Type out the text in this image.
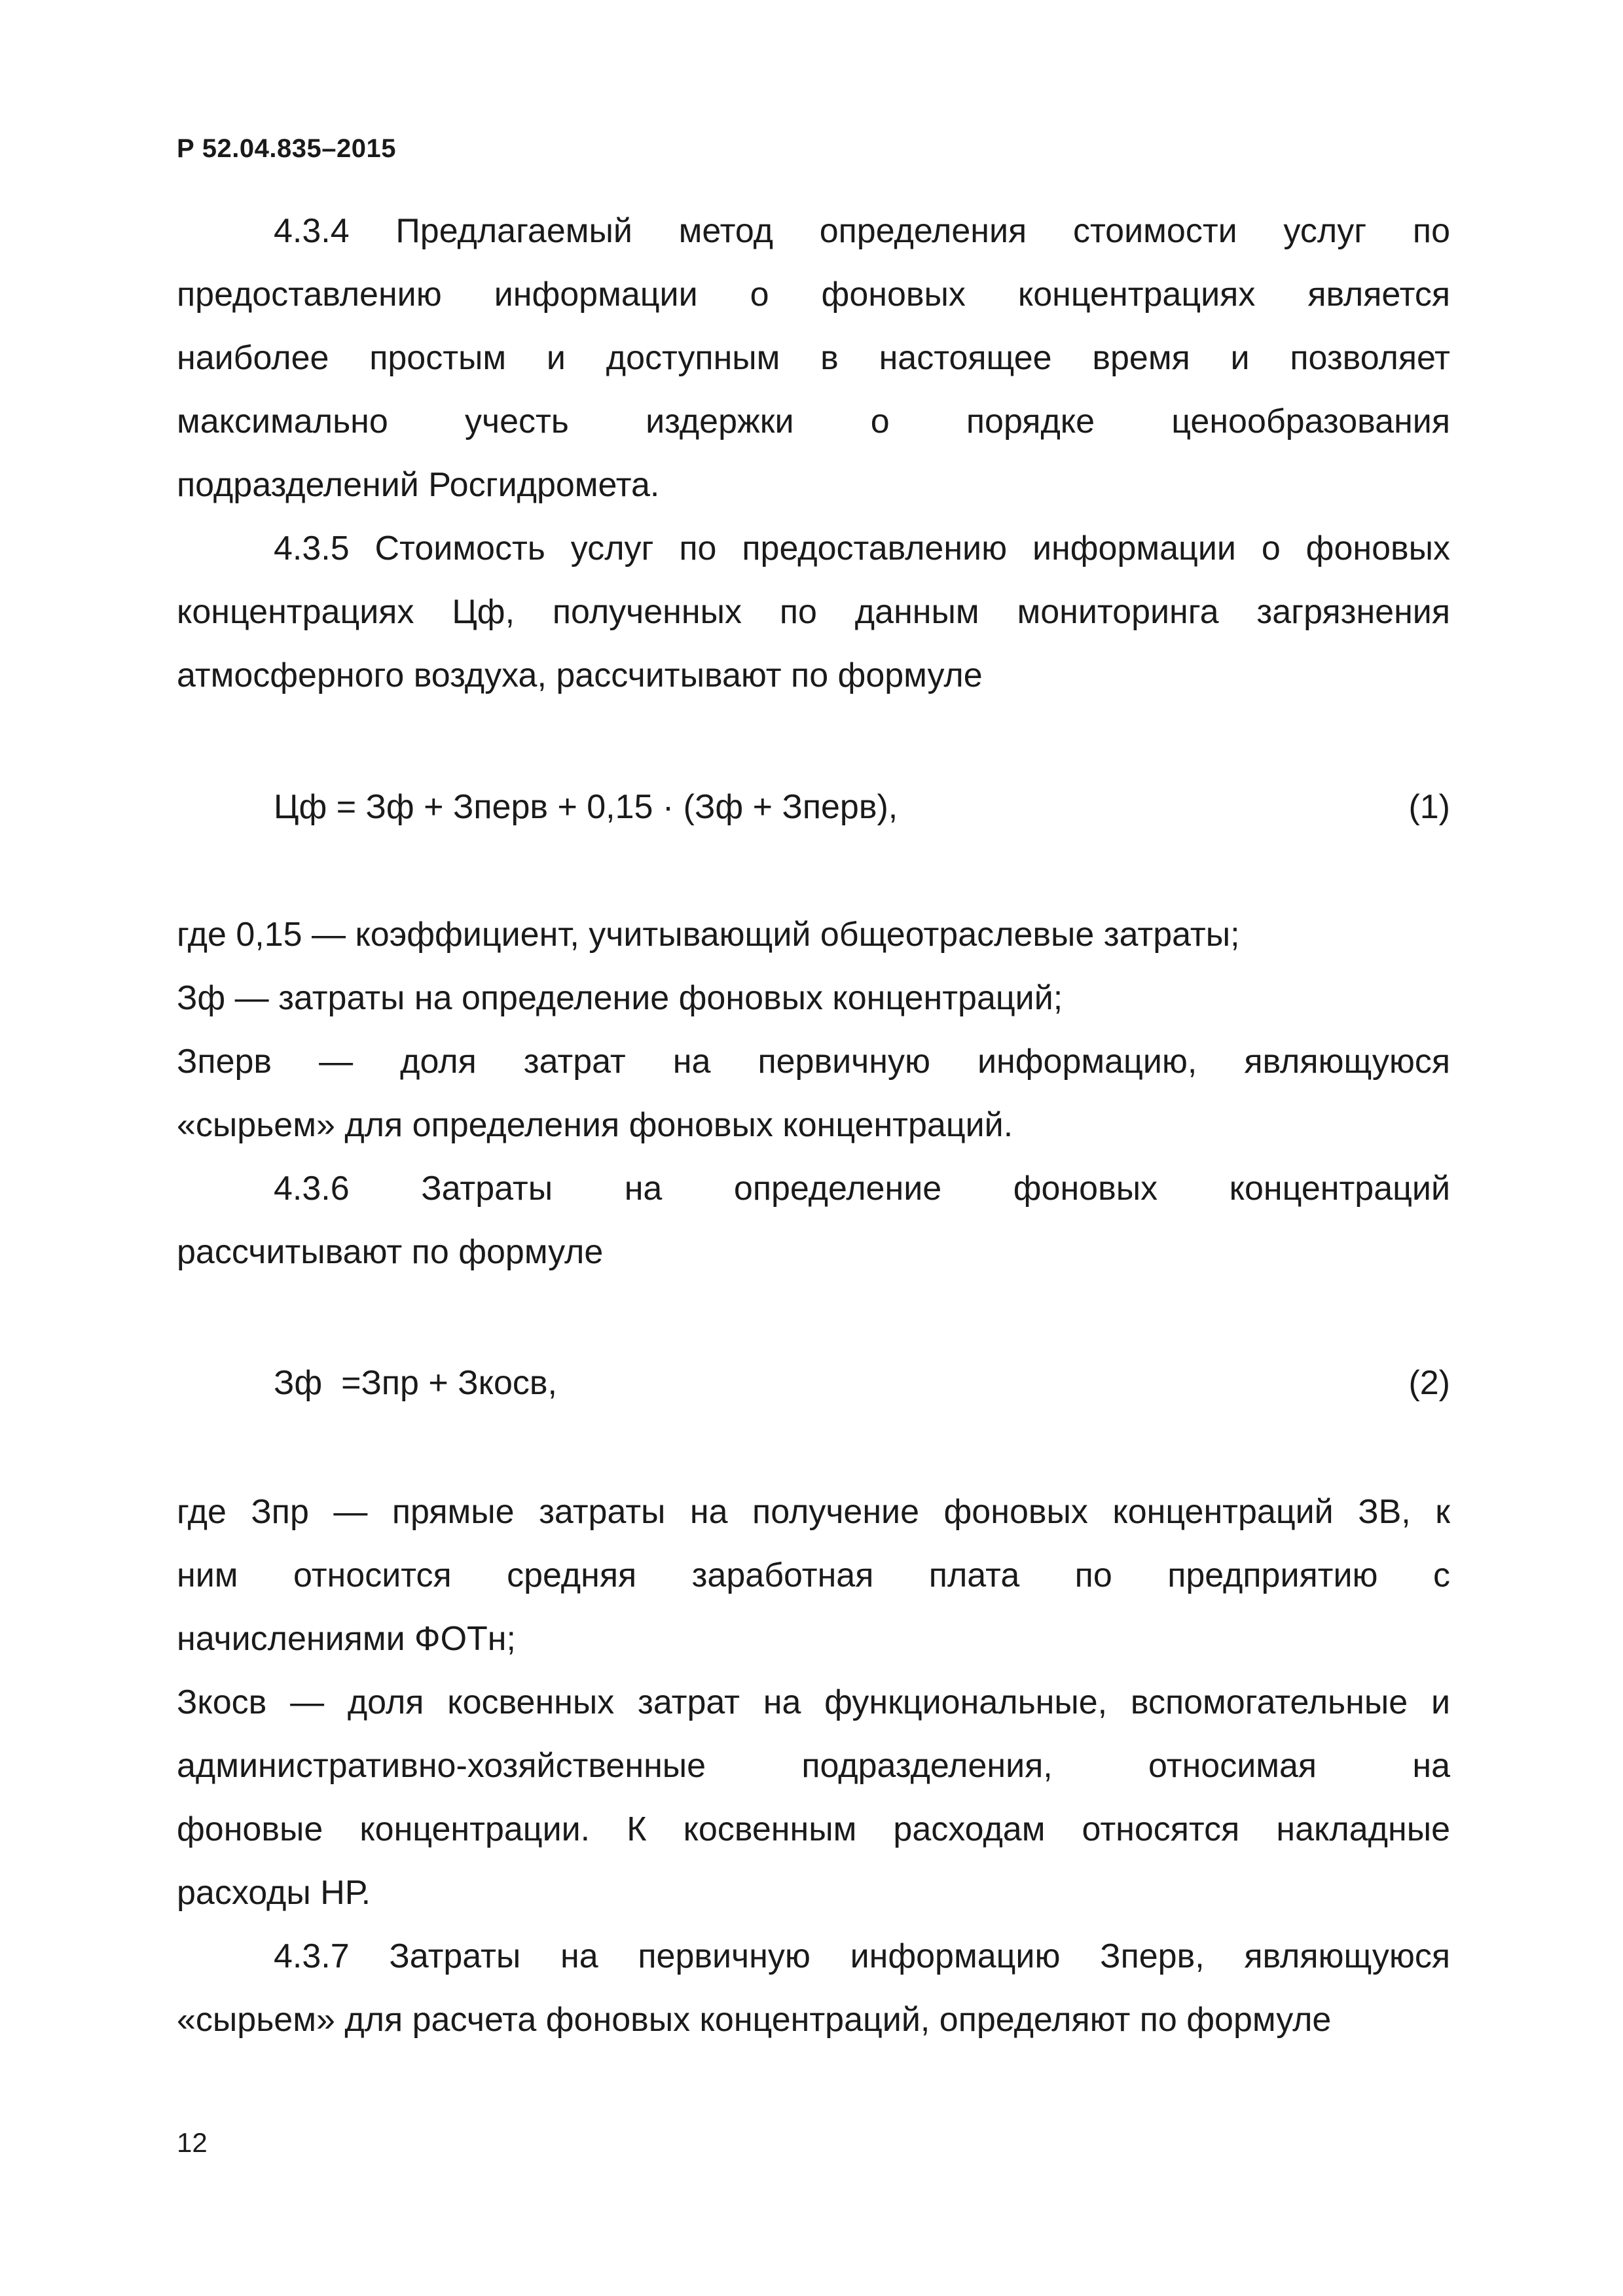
Р 52.04.835–2015

4.3.4 Предлагаемый метод определения стоимости услуг по

предоставлению информации о фоновых концентрациях является

наиболее простым и доступным в настоящее время и позволяет

максимально учесть издержки о порядке ценообразования

подразделений Росгидромета.

4.3.5 Стоимость услуг по предоставлению информации о фоновых

концентрациях Цф, полученных по данным мониторинга загрязнения

атмосферного воздуха, рассчитывают по формуле

Цф = Зф + Зперв + 0,15 · (Зф + Зперв),	(1)

где 0,15 — коэффициент, учитывающий общеотраслевые затраты;

Зф — затраты на определение фоновых концентраций;

Зперв — доля затрат на первичную информацию, являющуюся

«сырьем» для определения фоновых концентраций.

4.3.6 Затраты на определение фоновых концентраций

рассчитывают по формуле

Зф  =Зпр + Зкосв,	(2)

где Зпр — прямые затраты на получение фоновых концентраций ЗВ, к

ним относится средняя заработная плата по предприятию с

начислениями ФОТн;

Зкосв — доля косвенных затрат на функциональные, вспомогательные и

административно-хозяйственные подразделения, относимая на

фоновые концентрации. К косвенным расходам относятся накладные

расходы НР.

4.3.7 Затраты на первичную информацию Зперв, являющуюся

«сырьем» для расчета фоновых концентраций, определяют по формуле

12
